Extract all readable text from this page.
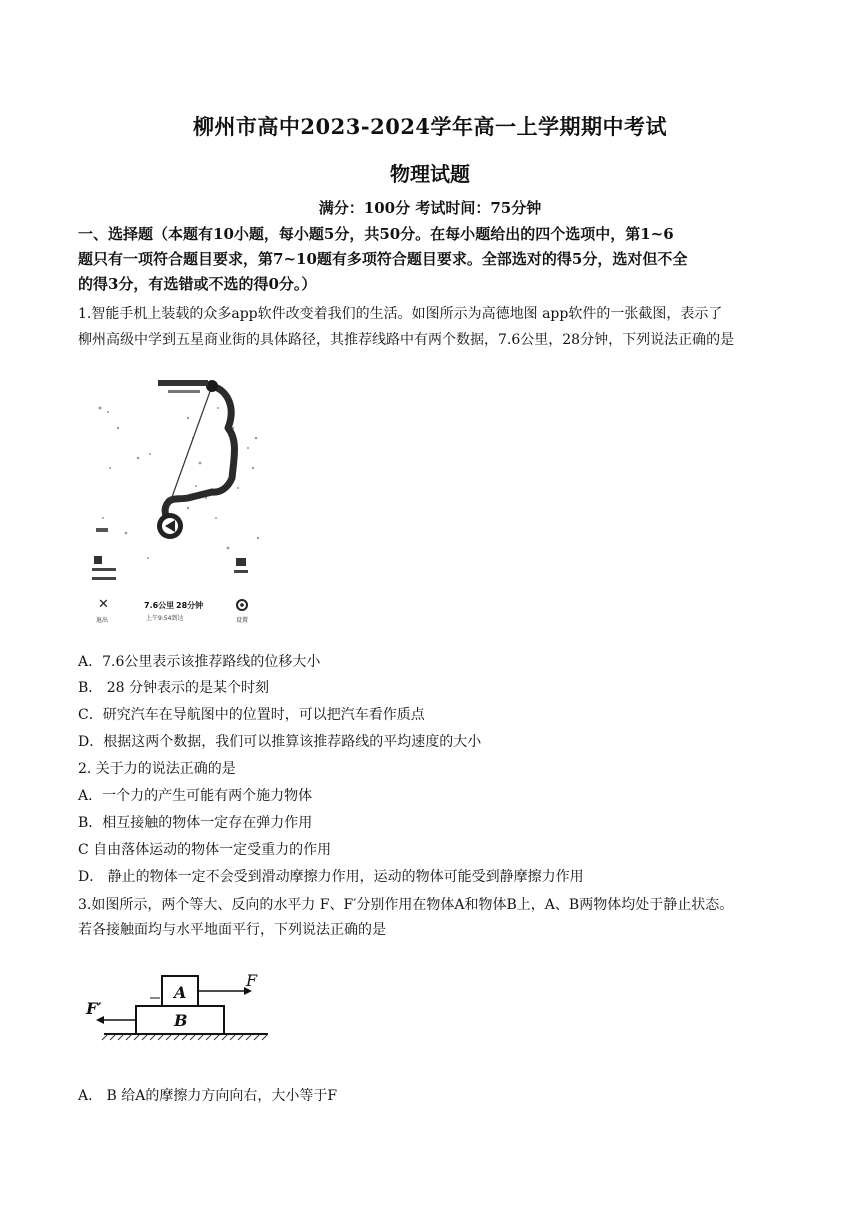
柳州市高中2023-2024学年高一上学期期中考试
物理试题
满分：100分 考试时间：75分钟
一、选择题（本题有10小题，每小题5分，共50分。在每小题给出的四个选项中，第1~6
题只有一项符合题目要求，第7~10题有多项符合题目要求。全部选对的得5分，选对但不全
的得3分，有选错或不选的得0分。）
1.智能手机上装载的众多app软件改变着我们的生活。如图所示为高德地图 app软件的一张截图，表示了
柳州高级中学到五星商业街的具体路径，其推荐线路中有两个数据，7.6公里，28分钟，下列说法正确的是
✕
退出
7.6公里 28分钟
上午9:54到达	设置
A．7.6公里表示该推荐路线的位移大小
B． 28 分钟表示的是某个时刻
C．研究汽车在导航图中的位置时，可以把汽车看作质点
D．根据这两个数据，我们可以推算该推荐路线的平均速度的大小
2. 关于力的说法正确的是
A．一个力的产生可能有两个施力物体
B．相互接触的物体一定存在弹力作用
C 自由落体运动的物体一定受重力的作用
D． 静止的物体一定不会受到滑动摩擦力作用，运动的物体可能受到静摩擦力作用
3.如图所示，两个等大、反向的水平力 F、F′分别作用在物体A和物体B上，A、B两物体均处于静止状态。
若各接触面均与水平地面平行，下列说法正确的是
A
B
F
F′
A． B 给A的摩擦力方向向右，大小等于F
